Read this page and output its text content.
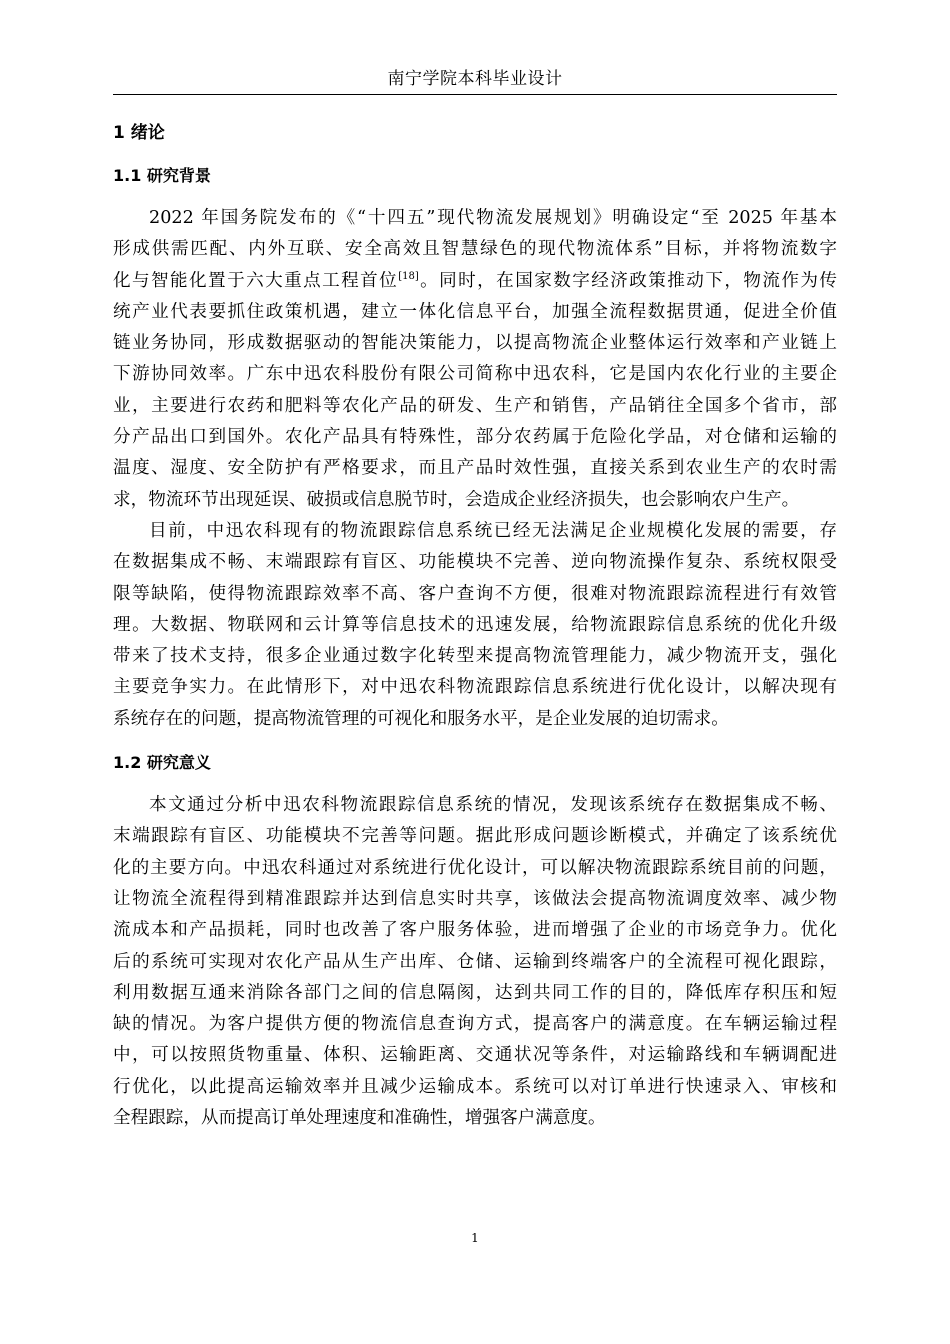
南宁学院本科毕业设计
1 绪论
1.1 研究背景
2022 年国务院发布的《“十四五”现代物流发展规划》明确设定“至 2025 年基本
形成供需匹配、内外互联、安全高效且智慧绿色的现代物流体系”目标，并将物流数字
化与智能化置于六大重点工程首位[18]。同时，在国家数字经济政策推动下，物流作为传
统产业代表要抓住政策机遇，建立一体化信息平台，加强全流程数据贯通，促进全价值
链业务协同，形成数据驱动的智能决策能力，以提高物流企业整体运行效率和产业链上
下游协同效率。广东中迅农科股份有限公司简称中迅农科，它是国内农化行业的主要企
业，主要进行农药和肥料等农化产品的研发、生产和销售，产品销往全国多个省市，部
分产品出口到国外。农化产品具有特殊性，部分农药属于危险化学品，对仓储和运输的
温度、湿度、安全防护有严格要求，而且产品时效性强，直接关系到农业生产的农时需
求，物流环节出现延误、破损或信息脱节时，会造成企业经济损失，也会影响农户生产。
目前，中迅农科现有的物流跟踪信息系统已经无法满足企业规模化发展的需要，存
在数据集成不畅、末端跟踪有盲区、功能模块不完善、逆向物流操作复杂、系统权限受
限等缺陷，使得物流跟踪效率不高、客户查询不方便，很难对物流跟踪流程进行有效管
理。大数据、物联网和云计算等信息技术的迅速发展，给物流跟踪信息系统的优化升级
带来了技术支持，很多企业通过数字化转型来提高物流管理能力，减少物流开支，强化
主要竞争实力。在此情形下，对中迅农科物流跟踪信息系统进行优化设计，以解决现有
系统存在的问题，提高物流管理的可视化和服务水平，是企业发展的迫切需求。
1.2 研究意义
本文通过分析中迅农科物流跟踪信息系统的情况，发现该系统存在数据集成不畅、
末端跟踪有盲区、功能模块不完善等问题。据此形成问题诊断模式，并确定了该系统优
化的主要方向。中迅农科通过对系统进行优化设计，可以解决物流跟踪系统目前的问题，
让物流全流程得到精准跟踪并达到信息实时共享，该做法会提高物流调度效率、减少物
流成本和产品损耗，同时也改善了客户服务体验，进而增强了企业的市场竞争力。优化
后的系统可实现对农化产品从生产出库、仓储、运输到终端客户的全流程可视化跟踪，
利用数据互通来消除各部门之间的信息隔阂，达到共同工作的目的，降低库存积压和短
缺的情况。为客户提供方便的物流信息查询方式，提高客户的满意度。在车辆运输过程
中，可以按照货物重量、体积、运输距离、交通状况等条件，对运输路线和车辆调配进
行优化，以此提高运输效率并且减少运输成本。系统可以对订单进行快速录入、审核和
全程跟踪，从而提高订单处理速度和准确性，增强客户满意度。
1
